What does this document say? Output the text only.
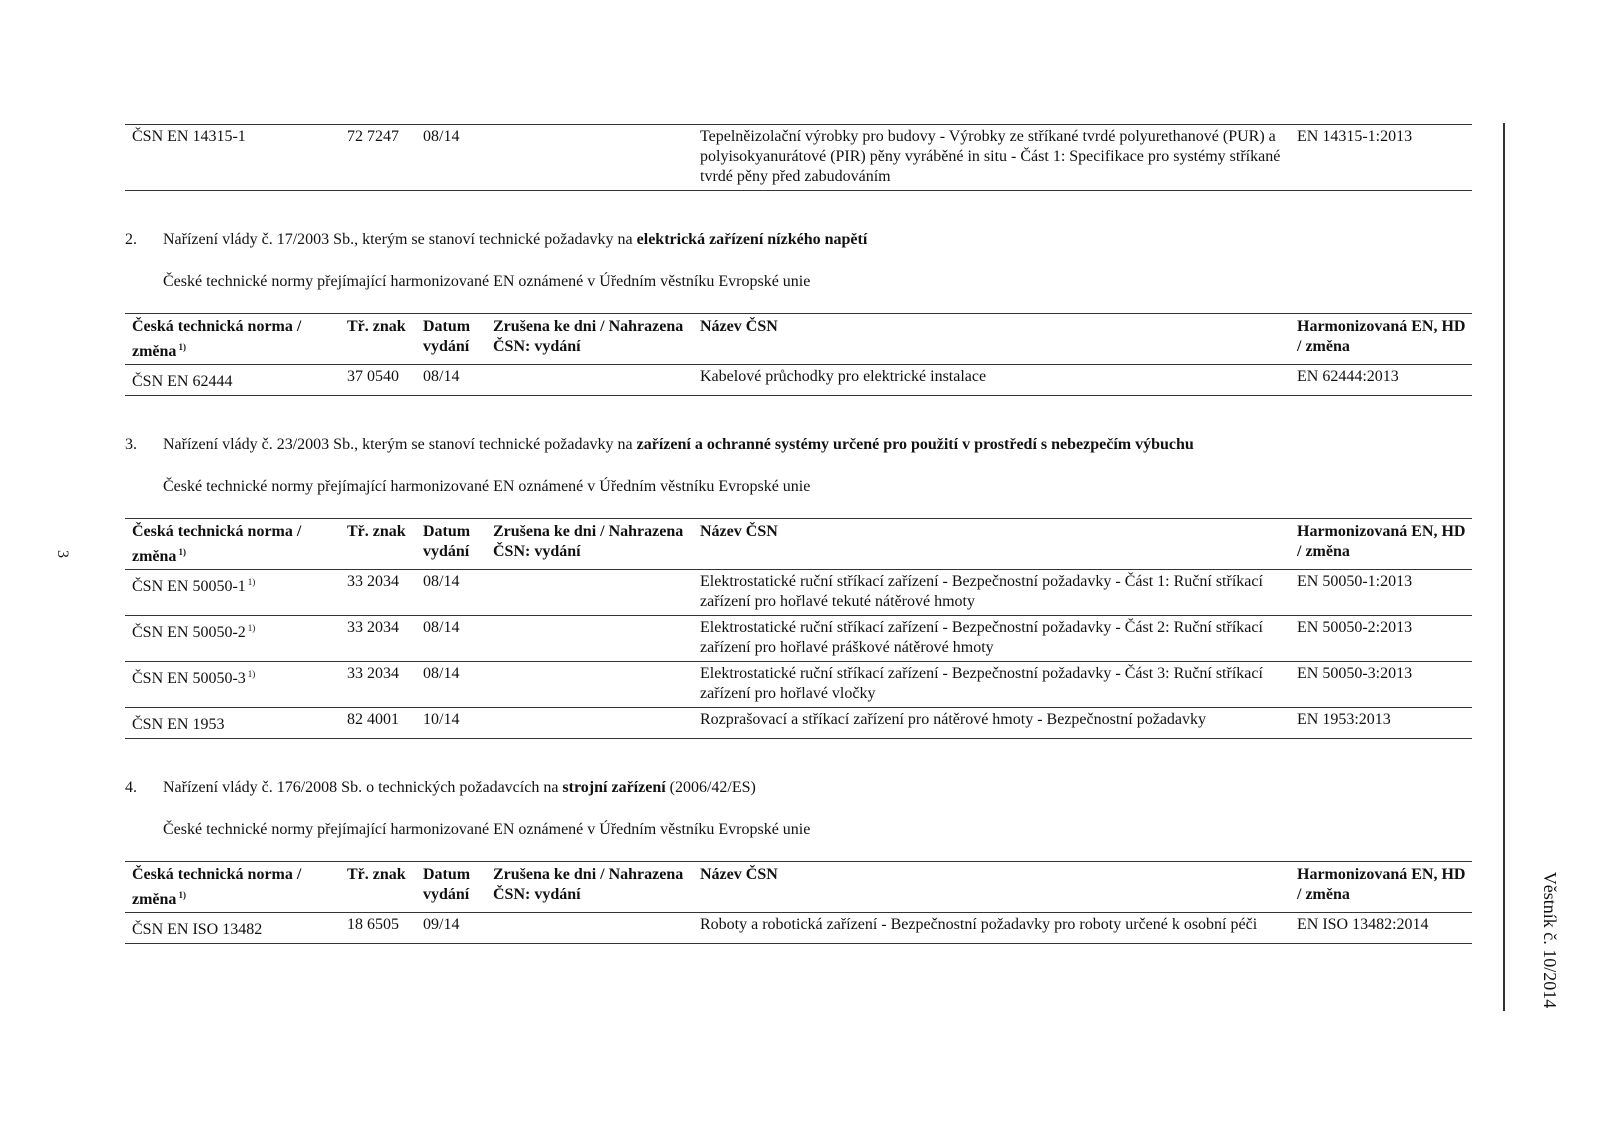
3
Věstník č. 10/2014
ČSN EN 14315-1	72 7247	08/14		Tepelněizolační výrobky pro budovy - Výrobky ze stříkané tvrdé polyurethanové (PUR) a polyisokyanurátové (PIR) pěny vyráběné in situ - Část 1: Specifikace pro systémy stříkané tvrdé pěny před zabudováním	EN 14315-1:2013
2.	Nařízení vlády č. 17/2003 Sb., kterým se stanoví technické požadavky na elektrická zařízení nízkého napětí
České technické normy přejímající harmonizované EN oznámené v Úředním věstníku Evropské unie
Česká technická norma / změna $^{1)}$	Tř. znak	Datum vydání	Zrušena ke dni / Nahrazena ČSN: vydání	Název ČSN	Harmonizovaná EN, HD / změna
ČSN EN 62444	37 0540	08/14		Kabelové průchodky pro elektrické instalace	EN 62444:2013
3.	Nařízení vlády č. 23/2003 Sb., kterým se stanoví technické požadavky na zařízení a ochranné systémy určené pro použití v prostředí s nebezpečím výbuchu
České technické normy přejímající harmonizované EN oznámené v Úředním věstníku Evropské unie
Česká technická norma / změna $^{1)}$	Tř. znak	Datum vydání	Zrušena ke dni / Nahrazena ČSN: vydání	Název ČSN	Harmonizovaná EN, HD / změna
ČSN EN 50050-1 $^{1)}$	33 2034	08/14		Elektrostatické ruční stříkací zařízení - Bezpečnostní požadavky - Část 1: Ruční stříkací zařízení pro hořlavé tekuté nátěrové hmoty	EN 50050-1:2013
ČSN EN 50050-2 $^{1)}$	33 2034	08/14		Elektrostatické ruční stříkací zařízení - Bezpečnostní požadavky - Část 2: Ruční stříkací zařízení pro hořlavé práškové nátěrové hmoty	EN 50050-2:2013
ČSN EN 50050-3 $^{1)}$	33 2034	08/14		Elektrostatické ruční stříkací zařízení - Bezpečnostní požadavky - Část 3: Ruční stříkací zařízení pro hořlavé vločky	EN 50050-3:2013
ČSN EN 1953	82 4001	10/14		Rozprašovací a stříkací zařízení pro nátěrové hmoty - Bezpečnostní požadavky	EN 1953:2013
4.	Nařízení vlády č. 176/2008 Sb. o technických požadavcích na strojní zařízení (2006/42/ES)
České technické normy přejímající harmonizované EN oznámené v Úředním věstníku Evropské unie
Česká technická norma / změna $^{1)}$	Tř. znak	Datum vydání	Zrušena ke dni / Nahrazena ČSN: vydání	Název ČSN	Harmonizovaná EN, HD / změna
ČSN EN ISO 13482	18 6505	09/14		Roboty a robotická zařízení - Bezpečnostní požadavky pro roboty určené k osobní péči	EN ISO 13482:2014
